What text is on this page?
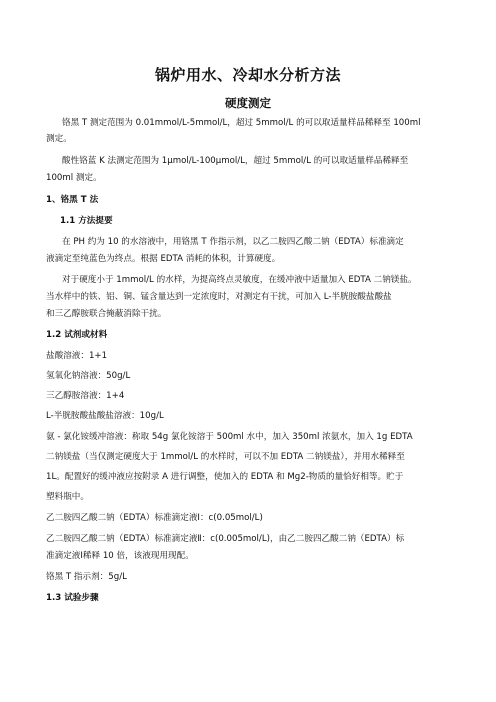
锅炉用水、冷却水分析方法
硬度测定
铬黑 T 测定范围为 0.01mmol/L-5mmol/L，超过 5mmol/L 的可以取适量样品稀释至 100ml
测定。
酸性铬蓝 K 法测定范围为 1μmol/L-100μmol/L，超过 5mmol/L 的可以取适量样品稀释至
100ml 测定。
1、铬黑 T 法
1.1 方法提要
在 PH 约为 10 的水溶液中，用铬黑 T 作指示剂，以乙二胺四乙酸二钠（EDTA）标准滴定
液滴定至纯蓝色为终点。根据 EDTA 消耗的体积，计算硬度。
对于硬度小于 1mmol/L 的水样，为提高终点灵敏度，在缓冲液中适量加入 EDTA 二钠镁盐。
当水样中的铁、铝、铜、锰含量达到一定浓度时，对测定有干扰，可加入 L-半胱胺酸盐酸盐
和三乙醇胺联合掩蔽消除干扰。
1.2 试剂或材料
盐酸溶液：1+1
氢氧化钠溶液：50g/L
三乙醇胺溶液：1+4
L-半胱胺酸盐酸盐溶液：10g/L
氨 - 氯化铵缓冲溶液：称取 54g 氯化铵溶于 500ml 水中，加入 350ml 浓氨水，加入 1g EDTA
二钠镁盐（当仅测定硬度大于 1mmol/L 的水样时，可以不加 EDTA 二钠镁盐），并用水稀释至
1L。配置好的缓冲液应按附录 A 进行调整，使加入的 EDTA 和 Mg2-物质的量恰好相等。贮于
塑料瓶中。
乙二胺四乙酸二钠（EDTA）标准滴定液Ⅰ：c(0.05mol/L)
乙二胺四乙酸二钠（EDTA）标准滴定液Ⅱ：c(0.005mol/L)，由乙二胺四乙酸二钠（EDTA）标
准滴定液Ⅰ稀释 10 倍，该液现用现配。
铬黑 T 指示剂：5g/L
1.3 试验步骤
